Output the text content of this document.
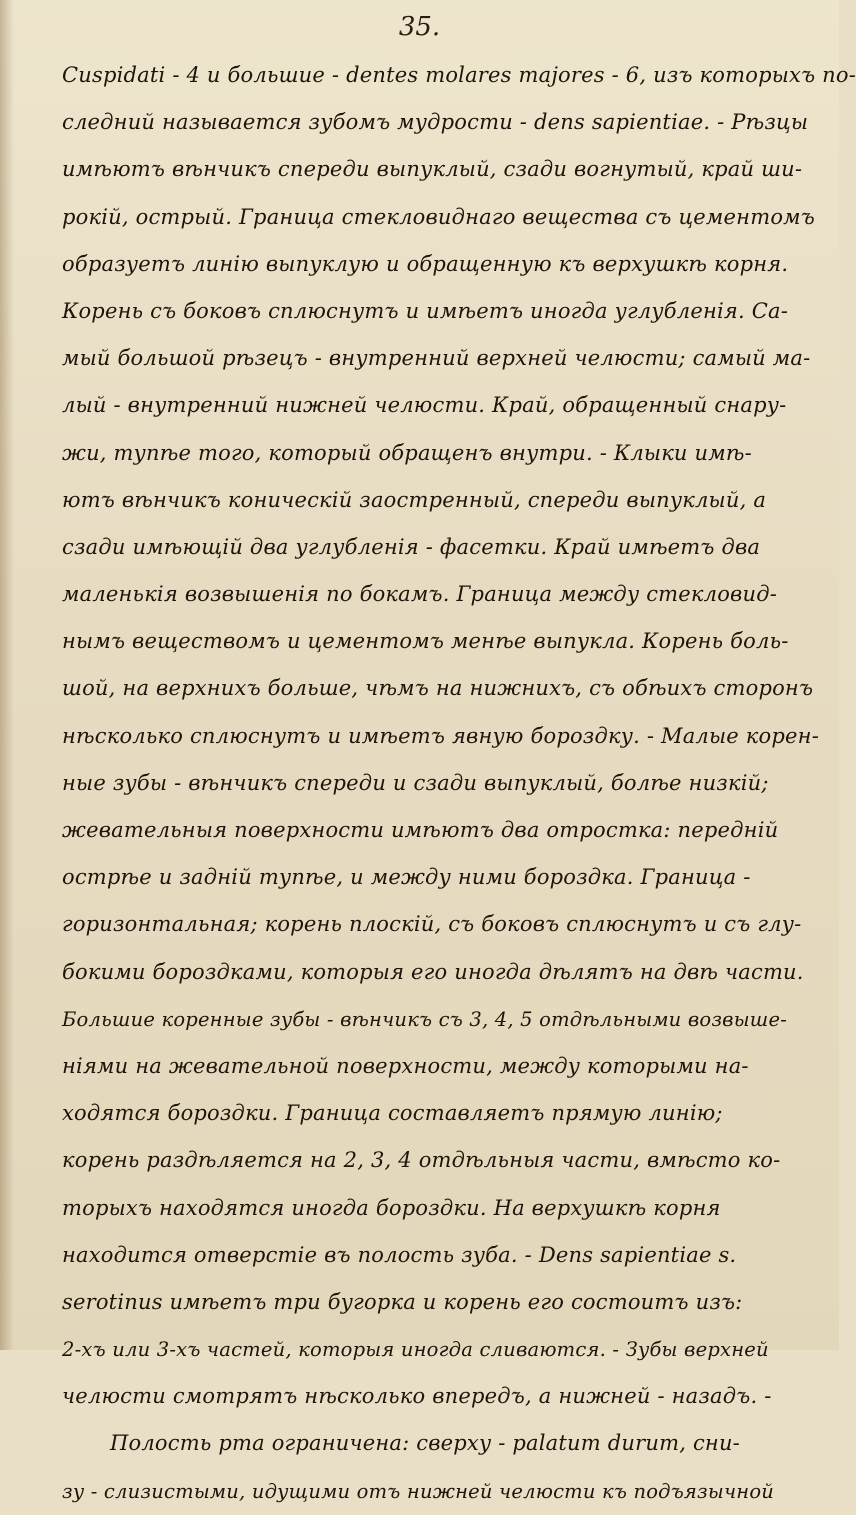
35.
Cuspidati - 4 и большие - dentes molares majores - 6, изъ которыхъ по-
следний называется зубомъ мудрости - dens sapientiae. - Рѣзцы
имѣютъ вѣнчикъ спереди выпуклый, сзади вогнутый, край ши-
рокій, острый. Граница стекловиднаго вещества съ цементомъ
образуетъ линію выпуклую и обращенную къ верхушкѣ корня.
Корень съ боковъ сплюснутъ и имѣетъ иногда углубленія. Са-
мый большой рѣзецъ - внутренний верхней челюсти; самый ма-
лый - внутренний нижней челюсти. Край, обращенный снару-
жи, тупѣе того, который обращенъ внутри. - Клыки имѣ-
ютъ вѣнчикъ коническій заостренный, спереди выпуклый, а
сзади имѣющій два углубленія - фасетки. Край имѣетъ два
маленькія возвышенія по бокамъ. Граница между стекловид-
нымъ веществомъ и цементомъ менѣе выпукла. Корень боль-
шой, на верхнихъ больше, чѣмъ на нижнихъ, съ обѣихъ сторонъ
нѣсколько сплюснутъ и имѣетъ явную бороздку. - Малые корен-
ные зубы - вѣнчикъ спереди и сзади выпуклый, болѣе низкій;
жевательныя поверхности имѣютъ два отростка: передній
острѣе и задній тупѣе, и между ними бороздка. Граница -
горизонтальная; корень плоскій, съ боковъ сплюснутъ и съ глу-
бокими бороздками, которыя его иногда дѣлятъ на двѣ части.
Большие коренные зубы - вѣнчикъ съ 3, 4, 5 отдѣльными возвыше-
ніями на жевательной поверхности, между которыми на-
ходятся бороздки. Граница составляетъ прямую линію;
корень раздѣляется на 2, 3, 4 отдѣльныя части, вмѣсто ко-
торыхъ находятся иногда бороздки. На верхушкѣ корня
находится отверстіе въ полость зуба. - Dens sapientiae s.
serotinus имѣетъ три бугорка и корень его состоитъ изъ:
2-хъ или 3-хъ частей, которыя иногда сливаются. - Зубы верхней
челюсти смотрятъ нѣсколько впередъ, а нижней - назадъ. -
Полость рта ограничена: сверху - palatum durum, сни-
зу - слизистыми, идущими отъ нижней челюсти къ подъязычной
